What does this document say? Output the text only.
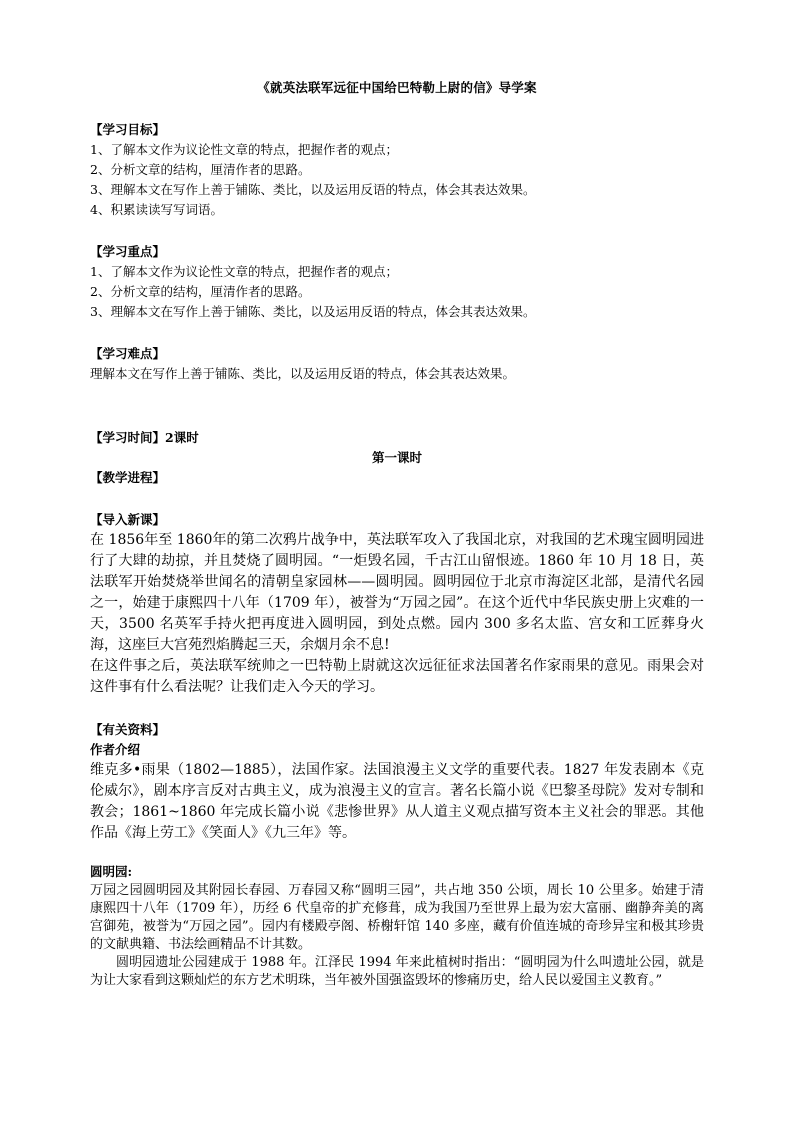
《就英法联军远征中国给巴特勒上尉的信》导学案

【学习目标】

1、了解本文作为议论性文章的特点，把握作者的观点；

2、分析文章的结构，厘清作者的思路。

3、理解本文在写作上善于铺陈、类比，以及运用反语的特点，体会其表达效果。

4、积累读读写写词语。

【学习重点】

1、了解本文作为议论性文章的特点，把握作者的观点；

2、分析文章的结构，厘清作者的思路。

3、理解本文在写作上善于铺陈、类比，以及运用反语的特点，体会其表达效果。

【学习难点】

理解本文在写作上善于铺陈、类比，以及运用反语的特点，体会其表达效果。

【学习时间】2课时

第一课时

【教学进程】

【导入新课】

在 1856年至 1860年的第二次鸦片战争中，英法联军攻入了我国北京，对我国的艺术瑰宝圆明园进行了大肆的劫掠，并且焚烧了圆明园。“一炬毁名园，千古江山留恨迹。1860 年 10 月 18 日，英法联军开始焚烧举世闻名的清朝皇家园林——圆明园。圆明园位于北京市海淀区北部，是清代名园之一，始建于康熙四十八年（1709 年），被誉为“万园之园”。在这个近代中华民族史册上灾难的一天，3500 名英军手持火把再度进入圆明园，到处点燃。园内 300 多名太监、宫女和工匠葬身火海，这座巨大宫苑烈焰腾起三天，余烟月余不息!

在这件事之后，英法联军统帅之一巴特勒上尉就这次远征征求法国著名作家雨果的意见。雨果会对这件事有什么看法呢？让我们走入今天的学习。

【有关资料】

作者介绍

维克多•雨果（1802—1885），法国作家。法国浪漫主义文学的重要代表。1827 年发表剧本《克伦威尔》，剧本序言反对古典主义，成为浪漫主义的宣言。著名长篇小说《巴黎圣母院》发对专制和教会；1861~1860 年完成长篇小说《悲惨世界》从人道主义观点描写资本主义社会的罪恶。其他作品《海上劳工》《笑面人》《九三年》等。

圆明园:

万园之园圆明园及其附园长春园、万春园又称“圆明三园”，共占地 350 公顷，周长 10 公里多。始建于清康熙四十八年（1709 年），历经 6 代皇帝的扩充修葺，成为我国乃至世界上最为宏大富丽、幽静奔美的离宫御苑，被誉为“万园之园”。园内有楼殿亭阁、桥榭轩馆 140 多座，藏有价值连城的奇珍异宝和极其珍贵的文献典籍、书法绘画精品不计其数。

圆明园遗址公园建成于 1988 年。江泽民 1994 年来此植树时指出：“圆明园为什么叫遗址公园，就是为让大家看到这颗灿烂的东方艺术明珠，当年被外国强盗毁坏的惨痛历史，给人民以爱国主义教育。”
